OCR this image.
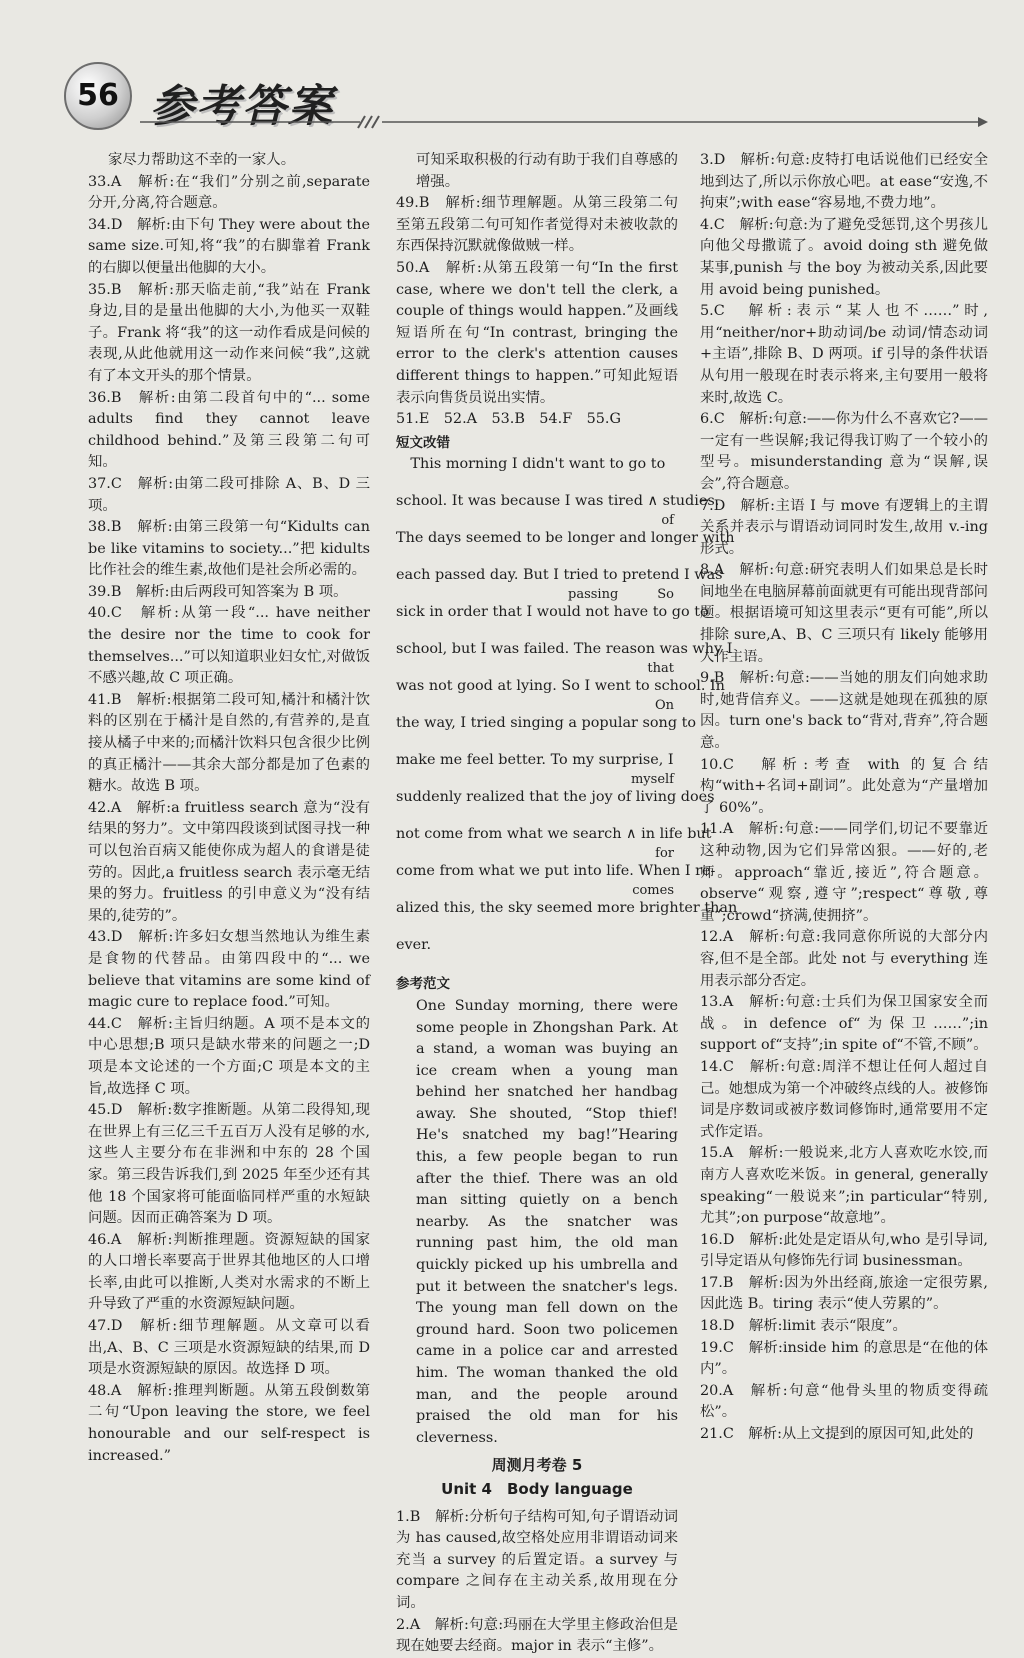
56 参考答案

家尽力帮助这不幸的一家人。

33.A　解析:在“我们”分别之前,separate 分开,分离,符合题意。

34.D　解析:由下句 They were about the same size.可知,将“我”的右脚靠着 Frank 的右脚以便量出他脚的大小。

35.B　解析:那天临走前,“我”站在 Frank 身边,目的是量出他脚的大小,为他买一双鞋子。Frank 将“我”的这一动作看成是问候的表现,从此他就用这一动作来问候“我”,这就有了本文开头的那个情景。

36.B　解析:由第二段首句中的“... some adults find they cannot leave childhood behind.”及第三段第二句可知。

37.C　解析:由第二段可排除 A、B、D 三项。

38.B　解析:由第三段第一句“Kidults can be like vitamins to society...”把 kidults 比作社会的维生素,故他们是社会所必需的。

39.B　解析:由后两段可知答案为 B 项。

40.C　解析:从第一段“... have neither the desire nor the time to cook for themselves...”可以知道职业妇女忙,对做饭不感兴趣,故 C 项正确。

41.B　解析:根据第二段可知,橘汁和橘汁饮料的区别在于橘汁是自然的,有营养的,是直接从橘子中来的;而橘汁饮料只包含很少比例的真正橘汁——其余大部分都是加了色素的糖水。故选 B 项。

42.A　解析:a fruitless search 意为“没有结果的努力”。文中第四段谈到试图寻找一种可以包治百病又能使你成为超人的食谱是徒劳的。因此,a fruitless search 表示毫无结果的努力。fruitless 的引申意义为“没有结果的,徒劳的”。

43.D　解析:许多妇女想当然地认为维生素是食物的代替品。由第四段中的“... we believe that vitamins are some kind of magic cure to replace food.”可知。

44.C　解析:主旨归纳题。A 项不是本文的中心思想;B 项只是缺水带来的问题之一;D 项是本文论述的一个方面;C 项是本文的主旨,故选择 C 项。

45.D　解析:数字推断题。从第二段得知,现在世界上有三亿三千五百万人没有足够的水,这些人主要分布在非洲和中东的 28 个国家。第三段告诉我们,到 2025 年至少还有其他 18 个国家将可能面临同样严重的水短缺问题。因而正确答案为 D 项。

46.A　解析:判断推理题。资源短缺的国家的人口增长率要高于世界其他地区的人口增长率,由此可以推断,人类对水需求的不断上升导致了严重的水资源短缺问题。

47.D　解析:细节理解题。从文章可以看出,A、B、C 三项是水资源短缺的结果,而 D 项是水资源短缺的原因。故选择 D 项。

48.A　解析:推理判断题。从第五段倒数第二句“Upon leaving the store, we feel honourable and our self-respect is increased.”

可知采取积极的行动有助于我们自尊感的增强。

49.B　解析:细节理解题。从第三段第二句至第五段第二句可知作者觉得对未被收款的东西保持沉默就像做贼一样。

50.A　解析:从第五段第一句“In the first case, where we don't tell the clerk, a couple of things would happen.”及画线短语所在句“In contrast, bringing the error to the clerk's attention causes different things to happen.”可知此短语表示向售货员说出实情。

51.E　52.A　53.B　54.F　55.G

短文改错

　This morning I didn't want to go to
school. It was because I was tired ∧ studies.
of
The days seemed to be longer and longer with
each passed day. But I tried to pretend I was
passing　　　So
sick in order that I would not have to go to
school, but I was failed. The reason was why I
that
was not good at lying. So I went to school. In
On
the way, I tried singing a popular song to
make me feel better. To my surprise, I
myself
suddenly realized that the joy of living does
not come from what we search ∧ in life but
for
come from what we put into life. When I re-
comes
alized this, the sky seemed more brighter than
ever.

参考范文

One Sunday morning, there were some people in Zhongshan Park. At a stand, a woman was buying an ice cream when a young man behind her snatched her handbag away. She shouted, “Stop thief! He's snatched my bag!”Hearing this, a few people began to run after the thief. There was an old man sitting quietly on a bench nearby. As the snatcher was running past him, the old man quickly picked up his umbrella and put it between the snatcher's legs. The young man fell down on the ground hard. Soon two policemen came in a police car and arrested him. The woman thanked the old man, and the people around praised the old man for his cleverness.

周测月考卷 5

Unit 4　Body language

1.B　解析:分析句子结构可知,句子谓语动词为 has caused,故空格处应用非谓语动词来充当 a survey 的后置定语。a survey 与 compare 之间存在主动关系,故用现在分词。

2.A　解析:句意:玛丽在大学里主修政治但是现在她要去经商。major in 表示“主修”。

3.D　解析:句意:皮特打电话说他们已经安全地到达了,所以示你放心吧。at ease“安逸,不拘束”;with ease“容易地,不费力地”。

4.C　解析:句意:为了避免受惩罚,这个男孩儿向他父母撒谎了。avoid doing sth 避免做某事,punish 与 the boy 为被动关系,因此要用 avoid being punished。

5.C　解析:表示“某人也不……”时,用“neither/nor+助动词/be 动词/情态动词+主语”,排除 B、D 两项。if 引导的条件状语从句用一般现在时表示将来,主句要用一般将来时,故选 C。

6.C　解析:句意:——你为什么不喜欢它?——一定有一些误解;我记得我订购了一个较小的型号。misunderstanding 意为“误解,误会”,符合题意。

7.D　解析:主语 I 与 move 有逻辑上的主谓关系并表示与谓语动词同时发生,故用 v.-ing 形式。

8.A　解析:句意:研究表明人们如果总是长时间地坐在电脑屏幕前面就更有可能出现背部问题。根据语境可知这里表示“更有可能”,所以排除 sure,A、B、C 三项只有 likely 能够用人作主语。

9.B　解析:句意:——当她的朋友们向她求助时,她背信弃义。——这就是她现在孤独的原因。turn one's back to“背对,背弃”,符合题意。

10.C　解析:考查 with 的复合结构“with+名词+副词”。此处意为“产量增加了 60%”。

11.A　解析:句意:——同学们,切记不要靠近这种动物,因为它们异常凶狠。——好的,老师。approach“靠近,接近”,符合题意。observe“观察,遵守”;respect“尊敬,尊重”;crowd“挤满,使拥挤”。

12.A　解析:句意:我同意你所说的大部分内容,但不是全部。此处 not 与 everything 连用表示部分否定。

13.A　解析:句意:士兵们为保卫国家安全而战。in defence of“为保卫……”;in support of“支持”;in spite of“不管,不顾”。

14.C　解析:句意:周洋不想让任何人超过自己。她想成为第一个冲破终点线的人。被修饰词是序数词或被序数词修饰时,通常要用不定式作定语。

15.A　解析:一般说来,北方人喜欢吃水饺,而南方人喜欢吃米饭。in general, generally speaking“一般说来”;in particular“特别,尤其”;on purpose“故意地”。

16.D　解析:此处是定语从句,who 是引导词,引导定语从句修饰先行词 businessman。

17.B　解析:因为外出经商,旅途一定很劳累,因此选 B。tiring 表示“使人劳累的”。

18.D　解析:limit 表示“限度”。

19.C　解析:inside him 的意思是“在他的体内”。

20.A　解析:句意“他骨头里的物质变得疏松”。

21.C　解析:从上文提到的原因可知,此处的
